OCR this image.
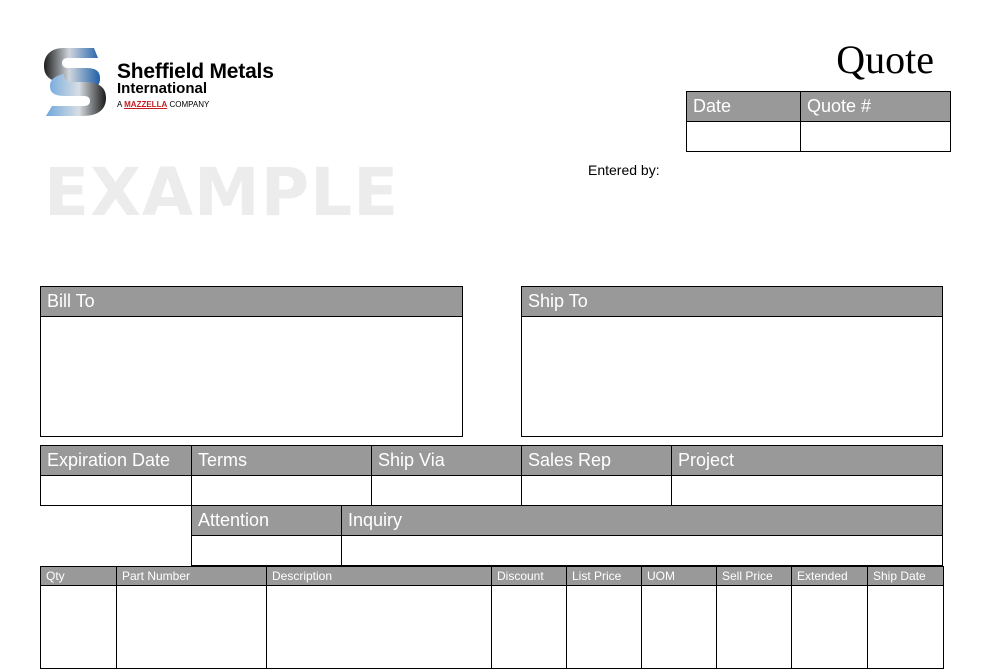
Sheffield Metals
International
A MAZZELLA COMPANY
Quote
Date	Quote #
EXAMPLE	Entered by:
Bill To	Ship To
Expiration Date	Terms	Ship Via	Sales Rep	Project
Attention	Inquiry
Qty	Part Number	Description	Discount	List Price	UOM	Sell Price	Extended	Ship Date
